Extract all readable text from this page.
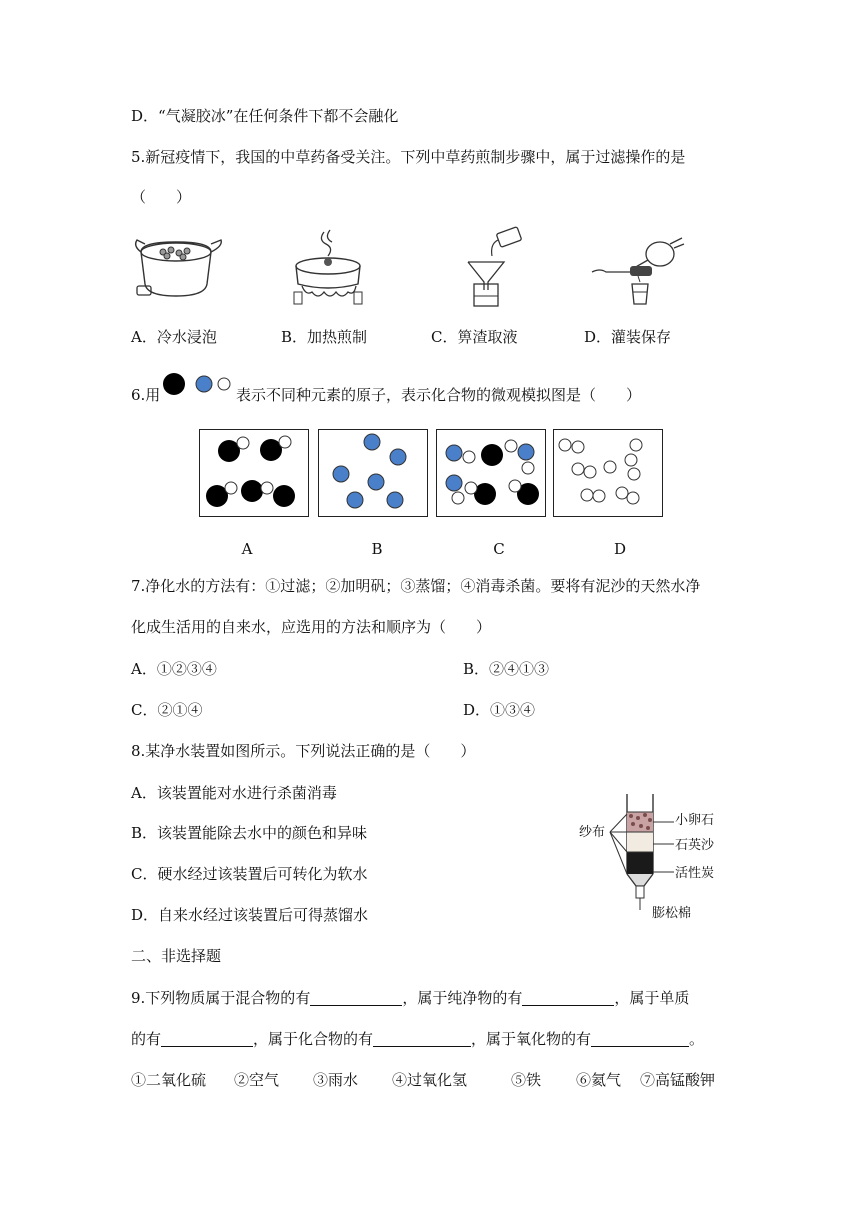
D．“气凝胶冰”在任何条件下都不会融化
5.新冠疫情下，我国的中草药备受关注。下列中草药煎制步骤中，属于过滤操作的是
（　　）
A．冷水浸泡	B．加热煎制	C．箅渣取液	D．灌装保存
6.用	表示不同种元素的原子，表示化合物的微观模拟图是（　　）
A	B	C	D
7.净化水的方法有：①过滤；②加明矾；③蒸馏；④消毒杀菌。要将有泥沙的天然水净
化成生活用的自来水，应选用的方法和顺序为（　　）
A．①②③④	B．②④①③
C．②①④	D．①③④
8.某净水装置如图所示。下列说法正确的是（　　）
A．该装置能对水进行杀菌消毒
B．该装置能除去水中的颜色和异味
C．硬水经过该装置后可转化为软水
D．自来水经过该装置后可得蒸馏水
纱布
小卵石
石英沙
活性炭
膨松棉
二、非选择题
9.下列物质属于混合物的有	，属于纯净物的有	，属于单质
的有	，属于化合物的有	，属于氧化物的有	。
①二氧化硫 ②空气 ③雨水 ④过氧化氢	⑤铁 ⑥氦气 ⑦高锰酸钾
